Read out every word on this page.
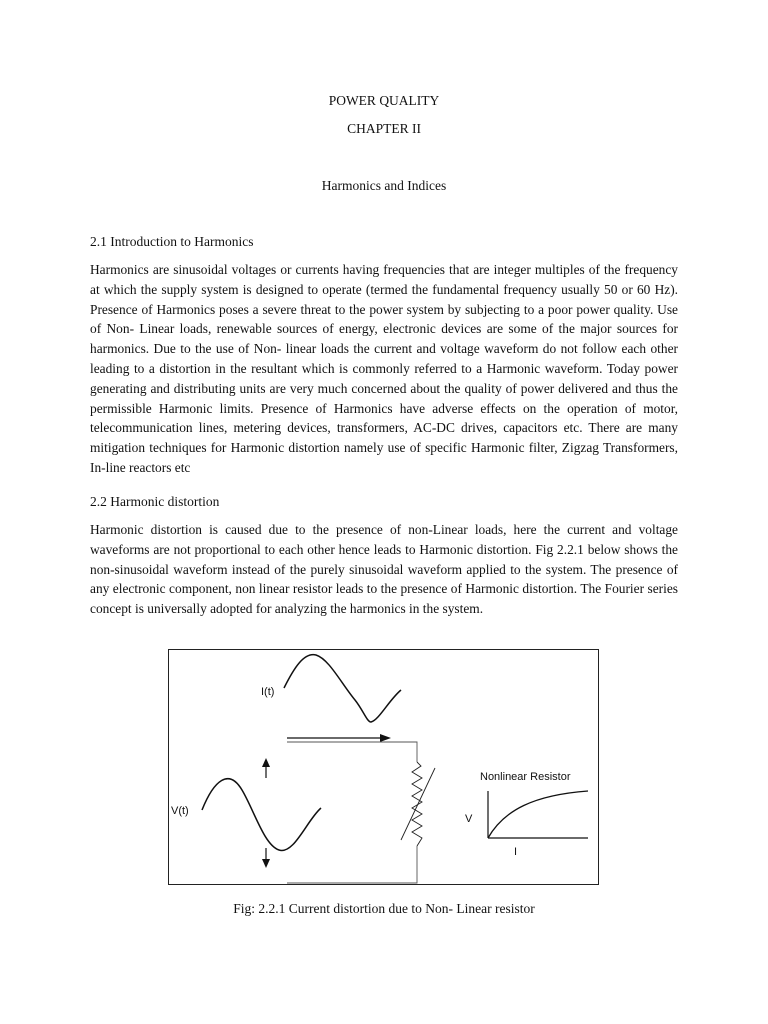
POWER QUALITY
CHAPTER II
Harmonics and Indices
2.1 Introduction to Harmonics

Harmonics are sinusoidal voltages or currents having frequencies that are integer multiples of the frequency at which the supply system is designed to operate (termed the fundamental frequency usually 50 or 60 Hz). Presence of Harmonics poses a severe threat to the power system by subjecting to a poor power quality. Use of Non- Linear loads, renewable sources of energy, electronic devices are some of the major sources for harmonics. Due to the use of Non- linear loads the current and voltage waveform do not follow each other leading to a distortion in the resultant which is commonly referred to a Harmonic waveform. Today power generating and distributing units are very much concerned about the quality of power delivered and thus the permissible Harmonic limits. Presence of Harmonics have adverse effects on the operation of motor, telecommunication lines, metering devices, transformers, AC-DC drives, capacitors etc. There are many mitigation techniques for Harmonic distortion namely use of specific Harmonic filter, Zigzag Transformers, In-line reactors etc

2.2 Harmonic distortion

Harmonic distortion is caused due to the presence of non-Linear loads, here the current and voltage waveforms are not proportional to each other hence leads to Harmonic distortion. Fig 2.2.1 below shows the non-sinusoidal waveform instead of the purely sinusoidal waveform applied to the system. The presence of any electronic component, non linear resistor leads to the presence of Harmonic distortion. The Fourier series concept is universally adopted for analyzing the harmonics in the system.

I(t)
V(t)
Nonlinear Resistor
V
I
Fig: 2.2.1 Current distortion due to Non- Linear resistor
